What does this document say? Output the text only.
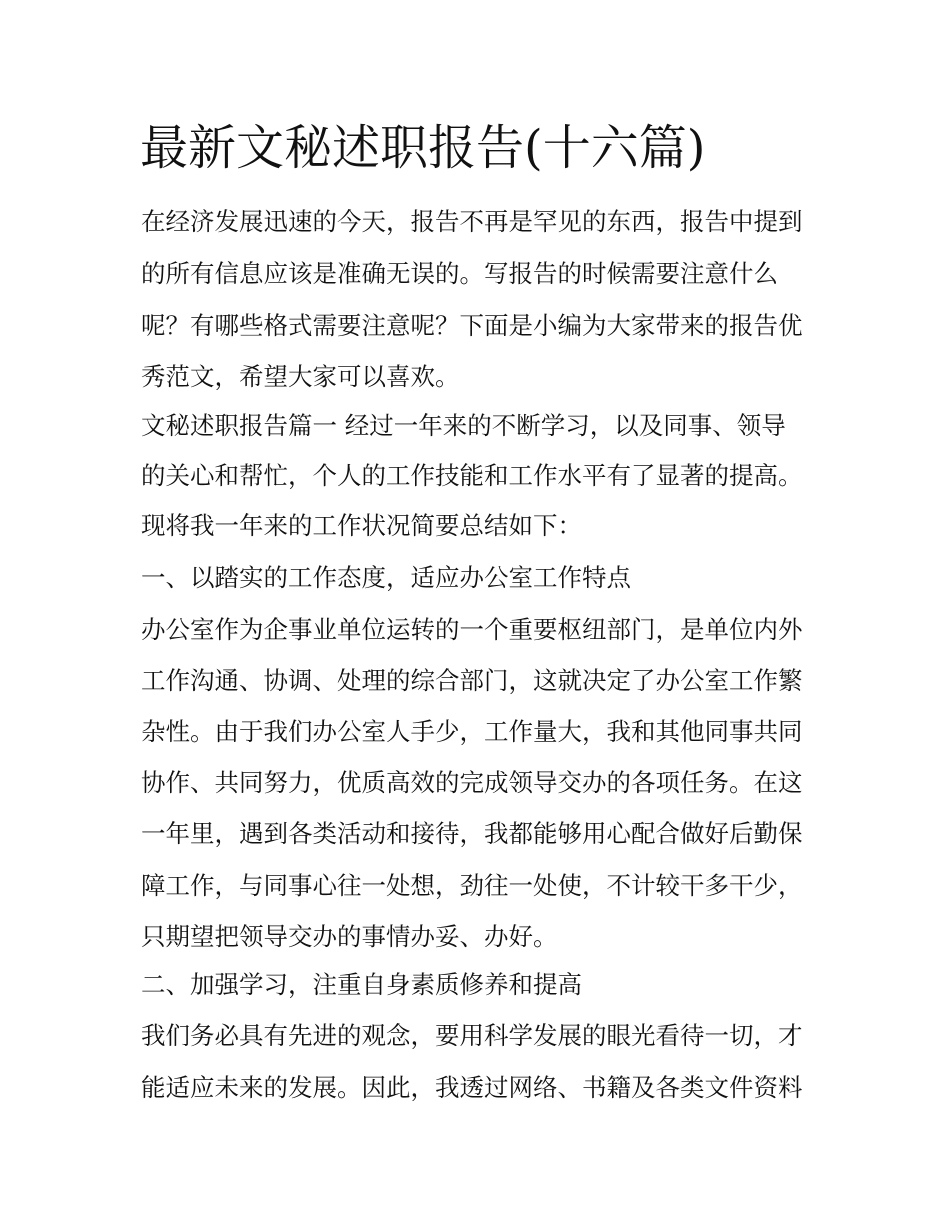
最新文秘述职报告(十六篇)

在经济发展迅速的今天，报告不再是罕见的东西，报告中提到

的所有信息应该是准确无误的。写报告的时候需要注意什么

呢？有哪些格式需要注意呢？下面是小编为大家带来的报告优

秀范文，希望大家可以喜欢。

文秘述职报告篇一 经过一年来的不断学习，以及同事、领导

的关心和帮忙，个人的工作技能和工作水平有了显著的提高。

现将我一年来的工作状况简要总结如下：

一、以踏实的工作态度，适应办公室工作特点

办公室作为企事业单位运转的一个重要枢纽部门，是单位内外

工作沟通、协调、处理的综合部门，这就决定了办公室工作繁

杂性。由于我们办公室人手少，工作量大，我和其他同事共同

协作、共同努力，优质高效的完成领导交办的各项任务。在这

一年里，遇到各类活动和接待，我都能够用心配合做好后勤保

障工作，与同事心往一处想，劲往一处使，不计较干多干少，

只期望把领导交办的事情办妥、办好。

二、加强学习，注重自身素质修养和提高

我们务必具有先进的观念，要用科学发展的眼光看待一切，才

能适应未来的发展。因此，我透过网络、书籍及各类文件资料
